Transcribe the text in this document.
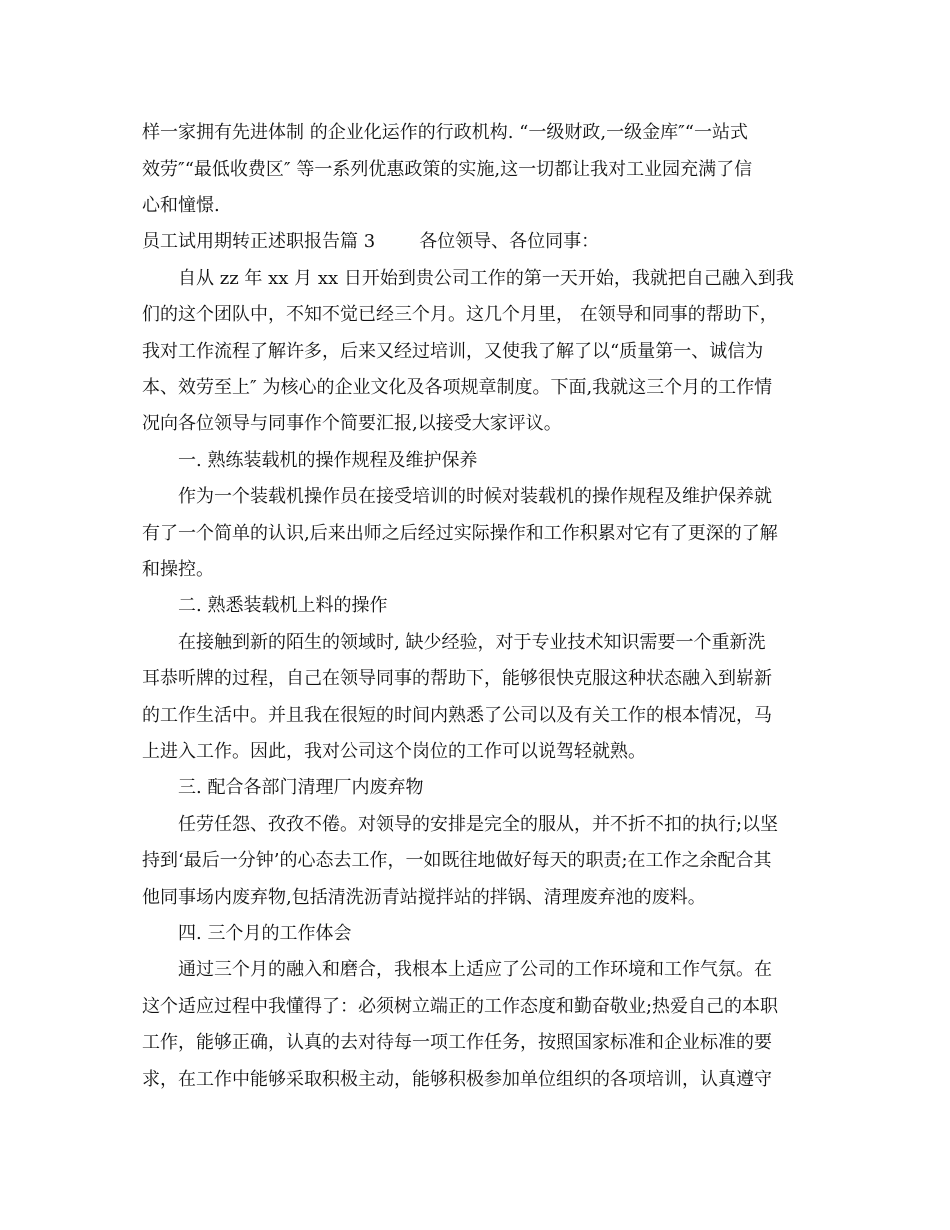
样一家拥有先进体制 的企业化运作的行政机构. “一级财政,一级金库″“一站式
效劳″“最低收费区″ 等一系列优惠政策的实施,这一切都让我对工业园充满了信
心和憧憬.
员工试用期转正述职报告篇 3 各位领导、各位同事：
自从 zz 年 xx 月 xx 日开始到贵公司工作的第一天开始，我就把自己融入到我
们的这个团队中，不知不觉已经三个月。这几个月里， 在领导和同事的帮助下，
我对工作流程了解许多，后来又经过培训，又使我了解了以“质量第一、诚信为
本、效劳至上″ 为核心的企业文化及各项规章制度。下面,我就这三个月的工作情
况向各位领导与同事作个简要汇报,以接受大家评议。
一. 熟练装载机的操作规程及维护保养
作为一个装载机操作员在接受培训的时候对装载机的操作规程及维护保养就
有了一个简单的认识,后来出师之后经过实际操作和工作积累对它有了更深的了解
和操控。
二. 熟悉装载机上料的操作
在接触到新的陌生的领域时, 缺少经验，对于专业技术知识需要一个重新洗
耳恭听牌的过程，自己在领导同事的帮助下，能够很快克服这种状态融入到崭新
的工作生活中。并且我在很短的时间内熟悉了公司以及有关工作的根本情况，马
上进入工作。因此，我对公司这个岗位的工作可以说驾轻就熟。
三. 配合各部门清理厂内废弃物
任劳任怨、孜孜不倦。对领导的安排是完全的服从，并不折不扣的执行;以坚
持到‘最后一分钟’的心态去工作，一如既往地做好每天的职责;在工作之余配合其
他同事场内废弃物,包括清洗沥青站搅拌站的拌锅、清理废弃池的废料。
四. 三个月的工作体会
通过三个月的融入和磨合，我根本上适应了公司的工作环境和工作气氛。在
这个适应过程中我懂得了：必须树立端正的工作态度和勤奋敬业;热爱自己的本职
工作，能够正确，认真的去对待每一项工作任务，按照国家标准和企业标准的要
求，在工作中能够采取积极主动，能够积极参加单位组织的各项培训，认真遵守
